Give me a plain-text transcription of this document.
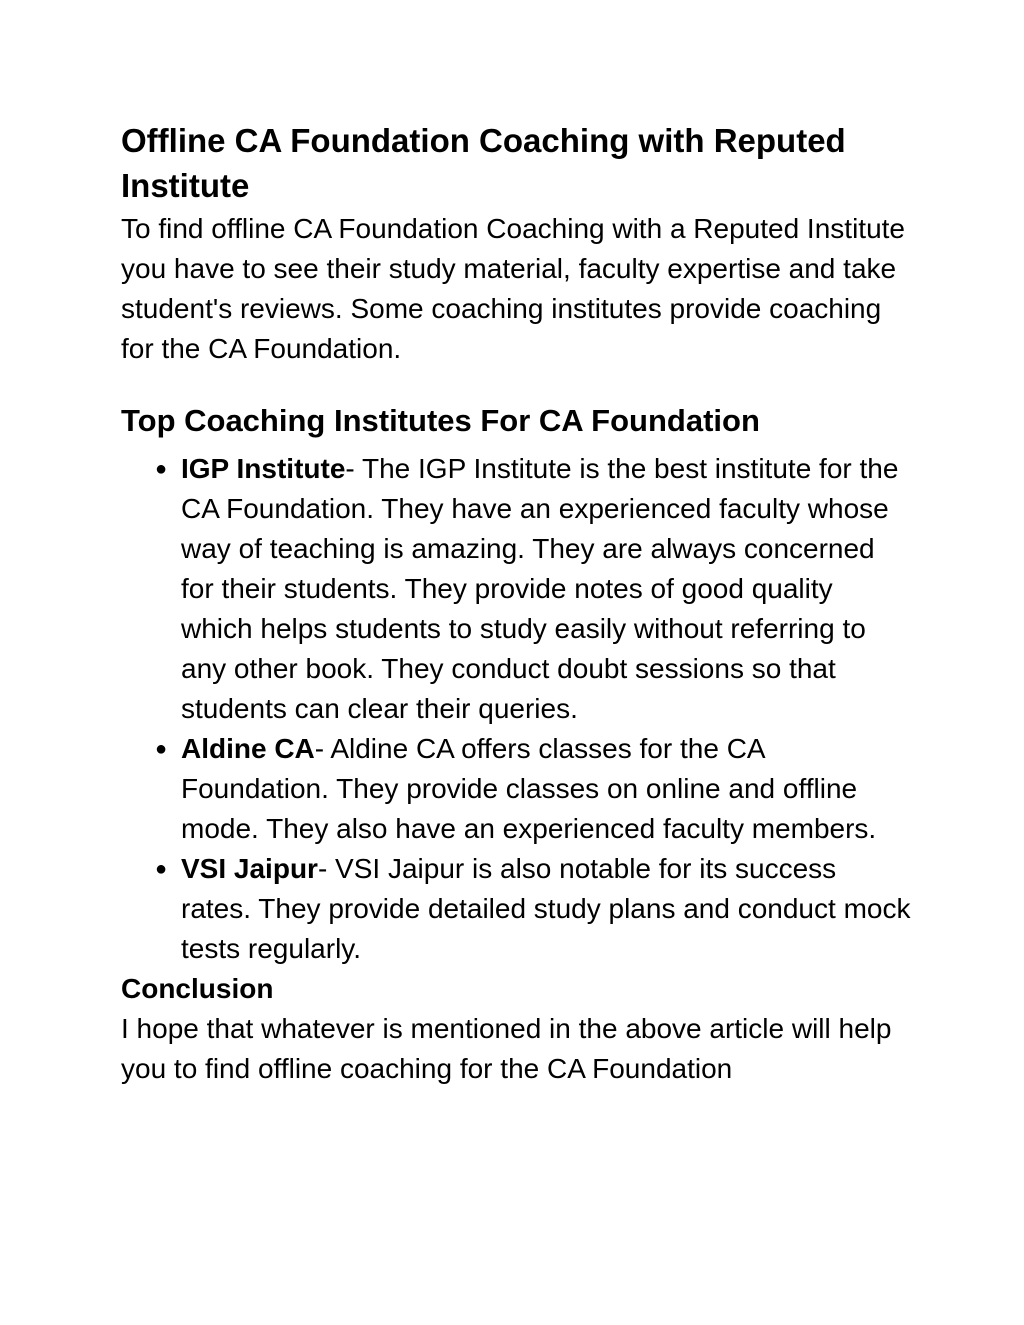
Offline CA Foundation Coaching with Reputed Institute

To find offline CA Foundation Coaching with a Reputed Institute you have to see their study material, faculty expertise and take student's reviews. Some coaching institutes provide coaching for the CA Foundation.

Top Coaching Institutes For CA Foundation
● IGP Institute- The IGP Institute is the best institute for the CA Foundation. They have an experienced faculty whose way of teaching is amazing. They are always concerned for their students. They provide notes of good quality which helps students to study easily without referring to any other book. They conduct doubt sessions so that students can clear their queries.
● Aldine CA- Aldine CA offers classes for the CA Foundation. They provide classes on online and offline mode. They also have an experienced faculty members.
● VSI Jaipur- VSI Jaipur is also notable for its success rates. They provide detailed study plans and conduct mock tests regularly.
Conclusion

I hope that whatever is mentioned in the above article will help you to find offline coaching for the CA Foundation
